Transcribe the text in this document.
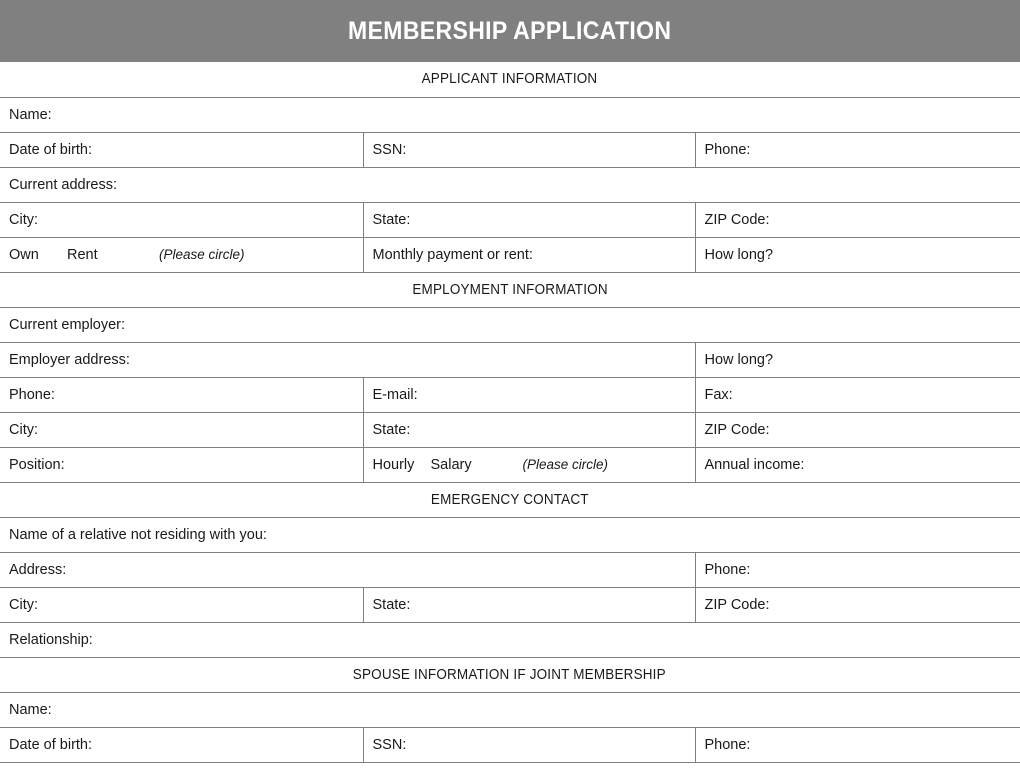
MEMBERSHIP APPLICATION
APPLICANT INFORMATION		
Name:		
Date of birth:	SSN:	Phone:
Current address:		
City:	State:	ZIP Code:

Own Rent (Please circle)	Monthly payment or rent:	How long?
EMPLOYMENT INFORMATION		
Current employer:		
Employer address:		How long?
Phone:	E-mail:	Fax:
City:	State:	ZIP Code:
Position:	Hourly Salary (Please circle)	Annual income:
EMERGENCY CONTACT		
Name of a relative not residing with you:		
Address:		Phone:
City:	State:	ZIP Code:
Relationship:		
SPOUSE INFORMATION IF JOINT MEMBERSHIP		
Name:		
Date of birth:	SSN:	Phone:
